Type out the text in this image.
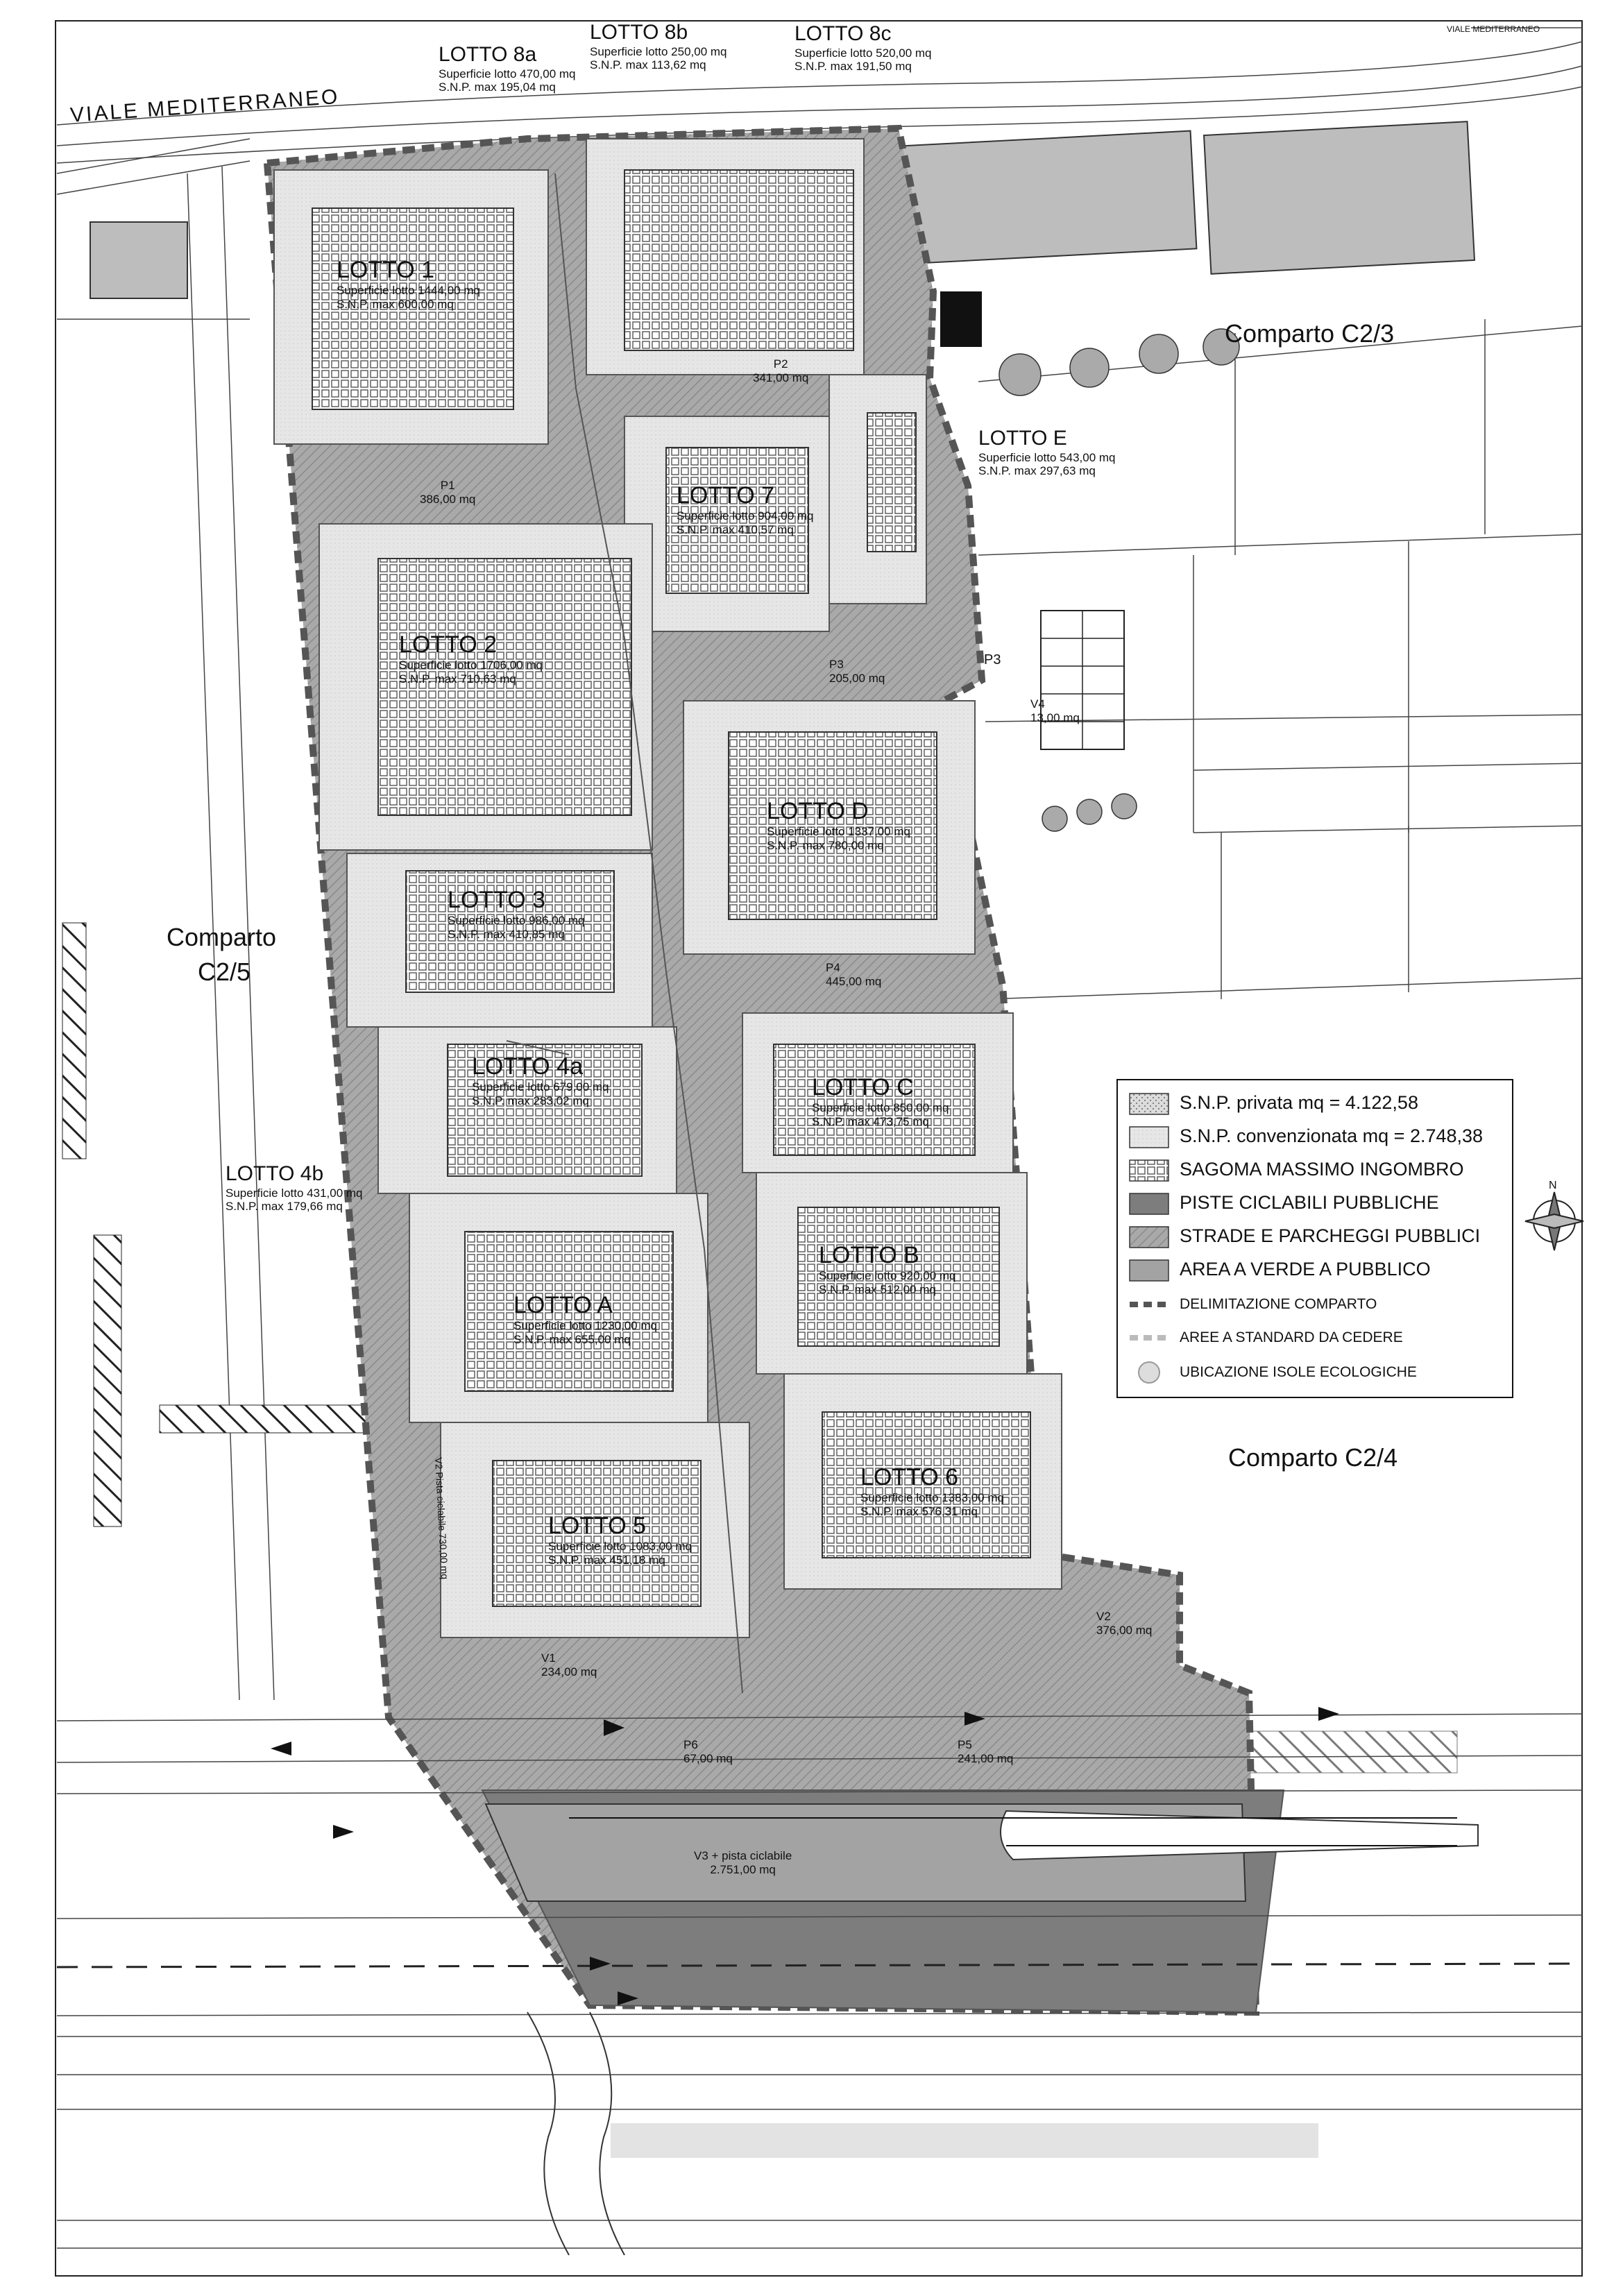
VIALE MEDITERRANEO
VIALE MEDITERRANEO
Comparto C2/3
Comparto
C2/5
Comparto C2/4
LOTTO 1
Superficie lotto 1444,00 mq
S.N.P. max 600,00 mq
LOTTO 2
Superficie lotto 1706,00 mq
S.N.P. max 710,63 mq
LOTTO 3
Superficie lotto 986,00 mq
S.N.P. max 410,85 mq
LOTTO 4a
Superficie lotto 679,00 mq
S.N.P. max 283,02 mq
LOTTO 4b
Superficie lotto 431,00 mq
S.N.P. max 179,66 mq
LOTTO 5
Superficie lotto 1083,00 mq
S.N.P. max 451,18 mq
LOTTO 6
Superficie lotto 1383,00 mq
S.N.P. max 576,31 mq
LOTTO 7
Superficie lotto 904,00 mq
S.N.P. max 410,57 mq
LOTTO 8a
Superficie lotto 470,00 mq
S.N.P. max 195,04 mq
LOTTO 8b
Superficie lotto 250,00 mq
S.N.P. max 113,62 mq
LOTTO 8c
Superficie lotto 520,00 mq
S.N.P. max 191,50 mq
LOTTO A
Superficie lotto 1230,00 mq
S.N.P. max 655,00 mq
LOTTO B
Superficie lotto 920,00 mq
S.N.P. max 512,00 mq
LOTTO C
Superficie lotto 850,00 mq
S.N.P. max 473,75 mq
LOTTO D
Superficie lotto 1337,00 mq
S.N.P. max 780,00 mq
LOTTO E
Superficie lotto 543,00 mq
S.N.P. max 297,63 mq
P1
386,00 mq
P2
341,00 mq
P3
205,00 mq
P3
P4
445,00 mq
P5
241,00 mq
P6
67,00 mq
V1
234,00 mq
V2
376,00 mq
V3 + pista ciclabile
2.751,00 mq
V4
13,00 mq
V2 Pista ciclabile 730,00 mq
S.N.P. privata mq = 4.122,58
S.N.P. convenzionata mq = 2.748,38
SAGOMA MASSIMO INGOMBRO
PISTE CICLABILI PUBBLICHE
STRADE E PARCHEGGI PUBBLICI
AREA A VERDE A PUBBLICO
DELIMITAZIONE COMPARTO
AREE A STANDARD DA CEDERE
UBICAZIONE ISOLE ECOLOGICHE
N
